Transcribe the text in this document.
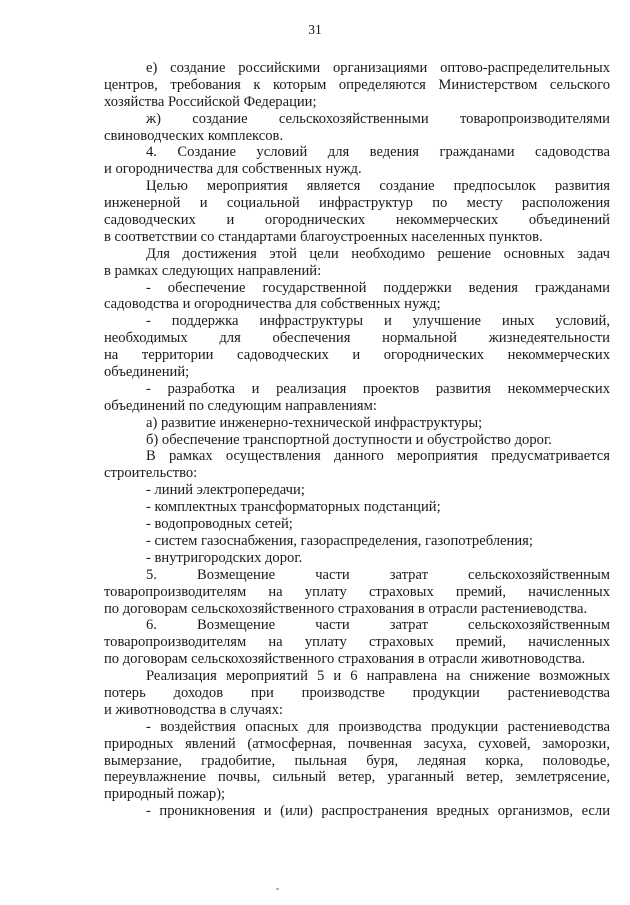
31
е) создание российскими организациями оптово-распределительных
центров, требования к которым определяются Министерством сельского
хозяйства Российской Федерации;
ж) создание сельскохозяйственными товаропроизводителями
свиноводческих комплексов.
4. Создание условий для ведения гражданами садоводства
и огородничества для собственных нужд.
Целью мероприятия является создание предпосылок развития
инженерной и социальной инфраструктур по месту расположения
садоводческих и огороднических некоммерческих объединений
в соответствии со стандартами благоустроенных населенных пунктов.
Для достижения этой цели необходимо решение основных задач
в рамках следующих направлений:
- обеспечение государственной поддержки ведения гражданами
садоводства и огородничества для собственных нужд;
- поддержка инфраструктуры и улучшение иных условий,
необходимых для обеспечения нормальной жизнедеятельности
на территории садоводческих и огороднических некоммерческих
объединений;
- разработка и реализация проектов развития некоммерческих
объединений по следующим направлениям:
а) развитие инженерно-технической инфраструктуры;
б) обеспечение транспортной доступности и обустройство дорог.
В рамках осуществления данного мероприятия предусматривается
строительство:
- линий электропередачи;
- комплектных трансформаторных подстанций;
- водопроводных сетей;
- систем газоснабжения, газораспределения, газопотребления;
- внутригородских дорог.
5. Возмещение части затрат сельскохозяйственным
товаропроизводителям на уплату страховых премий, начисленных
по договорам сельскохозяйственного страхования в отрасли растениеводства.
6. Возмещение части затрат сельскохозяйственным
товаропроизводителям на уплату страховых премий, начисленных
по договорам сельскохозяйственного страхования в отрасли животноводства.
Реализация мероприятий 5 и 6 направлена на снижение возможных
потерь доходов при производстве продукции растениеводства
и животноводства в случаях:
- воздействия опасных для производства продукции растениеводства
природных явлений (атмосферная, почвенная засуха, суховей, заморозки,
вымерзание, градобитие, пыльная буря, ледяная корка, половодье,
переувлажнение почвы, сильный ветер, ураганный ветер, землетрясение,
природный пожар);
- проникновения и (или) распространения вредных организмов, если
